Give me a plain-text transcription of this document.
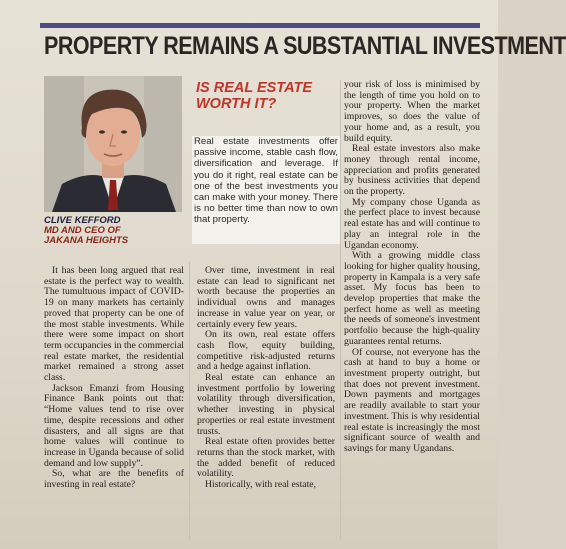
PROPERTY REMAINS A SUBSTANTIAL INVESTMENT
CLIVE KEFFORD
MD AND CEO OF
JAKANA HEIGHTS
IS REAL ESTATE
WORTH IT?
Real estate investments offer passive income, stable cash flow, diversification and leverage. If you do it right, real estate can be one of the best investments you can make with your money. There is no better time than now to own that property.

It has been long argued that real estate is the perfect way to wealth. The tumultuous impact of COVID-19 on many markets has certainly proved that property can be one of the most stable investments. While there were some impact on short term occupancies in the commercial real estate market, the residential market remained a strong asset class.

Jackson Emanzi from Housing Finance Bank points out that: “Home values tend to rise over time, despite recessions and other disasters, and all signs are that home values will continue to increase in Uganda because of solid demand and low supply”.

So, what are the benefits of investing in real estate?

Over time, investment in real estate can lead to significant net worth because the properties an individual owns and manages increase in value year on year, or certainly every few years.

On its own, real estate offers cash flow, equity building, competitive risk-adjusted returns and a hedge against inflation.

Real estate can enhance an investment portfolio by lowering volatility through diversification, whether investing in physical properties or real estate investment trusts.

Real estate often provides better returns than the stock market, with the added benefit of reduced volatility.

Historically, with real estate,

your risk of loss is minimised by the length of time you hold on to your property. When the market improves, so does the value of your home and, as a result, you build equity.

Real estate investors also make money through rental income, appreciation and profits generated by business activities that depend on the property.

My company chose Uganda as the perfect place to invest because real estate has and will continue to play an integral role in the Ugandan economy.

With a growing middle class looking for higher quality housing, property in Kampala is a very safe asset. My focus has been to develop properties that make the perfect home as well as meeting the needs of someone's investment portfolio because the high-quality guarantees rental returns.

Of course, not everyone has the cash at hand to buy a home or investment property outright, but that does not prevent investment. Down payments and mortgages are readily available to start your investment. This is why residential real estate is increasingly the most significant source of wealth and savings for many Ugandans.
